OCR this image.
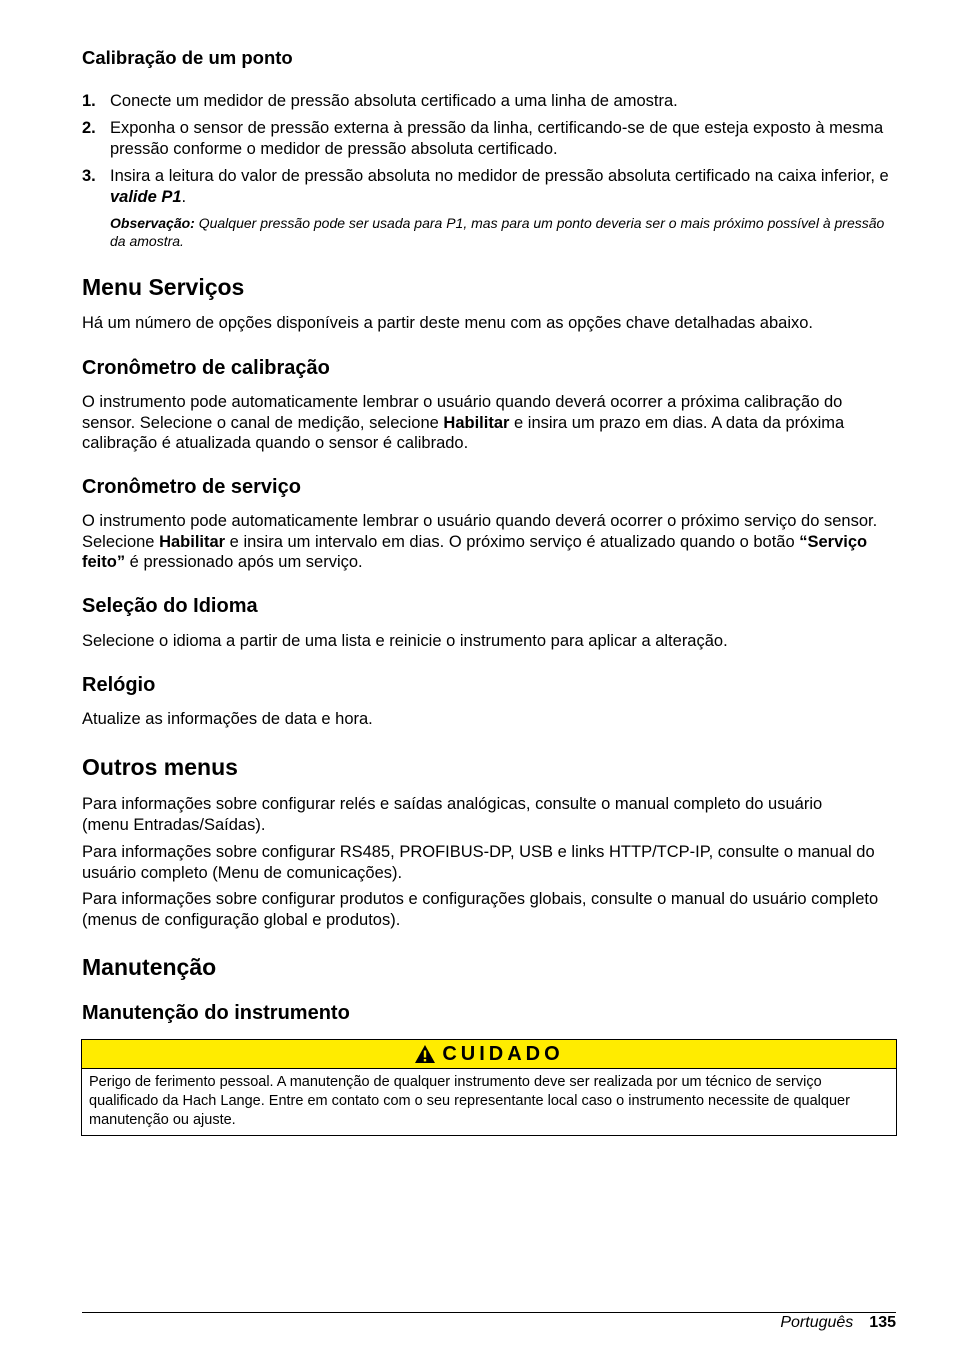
Calibração de um ponto
1. Conecte um medidor de pressão absoluta certificado a uma linha de amostra.
2. Exponha o sensor de pressão externa à pressão da linha, certificando-se de que esteja exposto à mesma pressão conforme o medidor de pressão absoluta certificado.
3. Insira a leitura do valor de pressão absoluta no medidor de pressão absoluta certificado na caixa inferior, e valide P1.
Observação: Qualquer pressão pode ser usada para P1, mas para um ponto deveria ser o mais próximo possível à pressão da amostra.
Menu Serviços
Há um número de opções disponíveis a partir deste menu com as opções chave detalhadas abaixo.
Cronômetro de calibração
O instrumento pode automaticamente lembrar o usuário quando deverá ocorrer a próxima calibração do sensor. Selecione o canal de medição, selecione Habilitar e insira um prazo em dias. A data da próxima calibração é atualizada quando o sensor é calibrado.
Cronômetro de serviço
O instrumento pode automaticamente lembrar o usuário quando deverá ocorrer o próximo serviço do sensor. Selecione Habilitar e insira um intervalo em dias. O próximo serviço é atualizado quando o botão “Serviço feito” é pressionado após um serviço.
Seleção do Idioma
Selecione o idioma a partir de uma lista e reinicie o instrumento para aplicar a alteração.
Relógio
Atualize as informações de data e hora.
Outros menus
Para informações sobre configurar relés e saídas analógicas, consulte o manual completo do usuário (menu Entradas/Saídas).
Para informações sobre configurar RS485, PROFIBUS-DP, USB e links HTTP/TCP-IP, consulte o manual do usuário completo (Menu de comunicações).
Para informações sobre configurar produtos e configurações globais, consulte o manual do usuário completo (menus de configuração global e produtos).
Manutenção
Manutenção do instrumento
CUIDADO
Perigo de ferimento pessoal. A manutenção de qualquer instrumento deve ser realizada por um técnico de serviço qualificado da Hach Lange. Entre em contato com o seu representante local caso o instrumento necessite de qualquer manutenção ou ajuste.
Português 135
